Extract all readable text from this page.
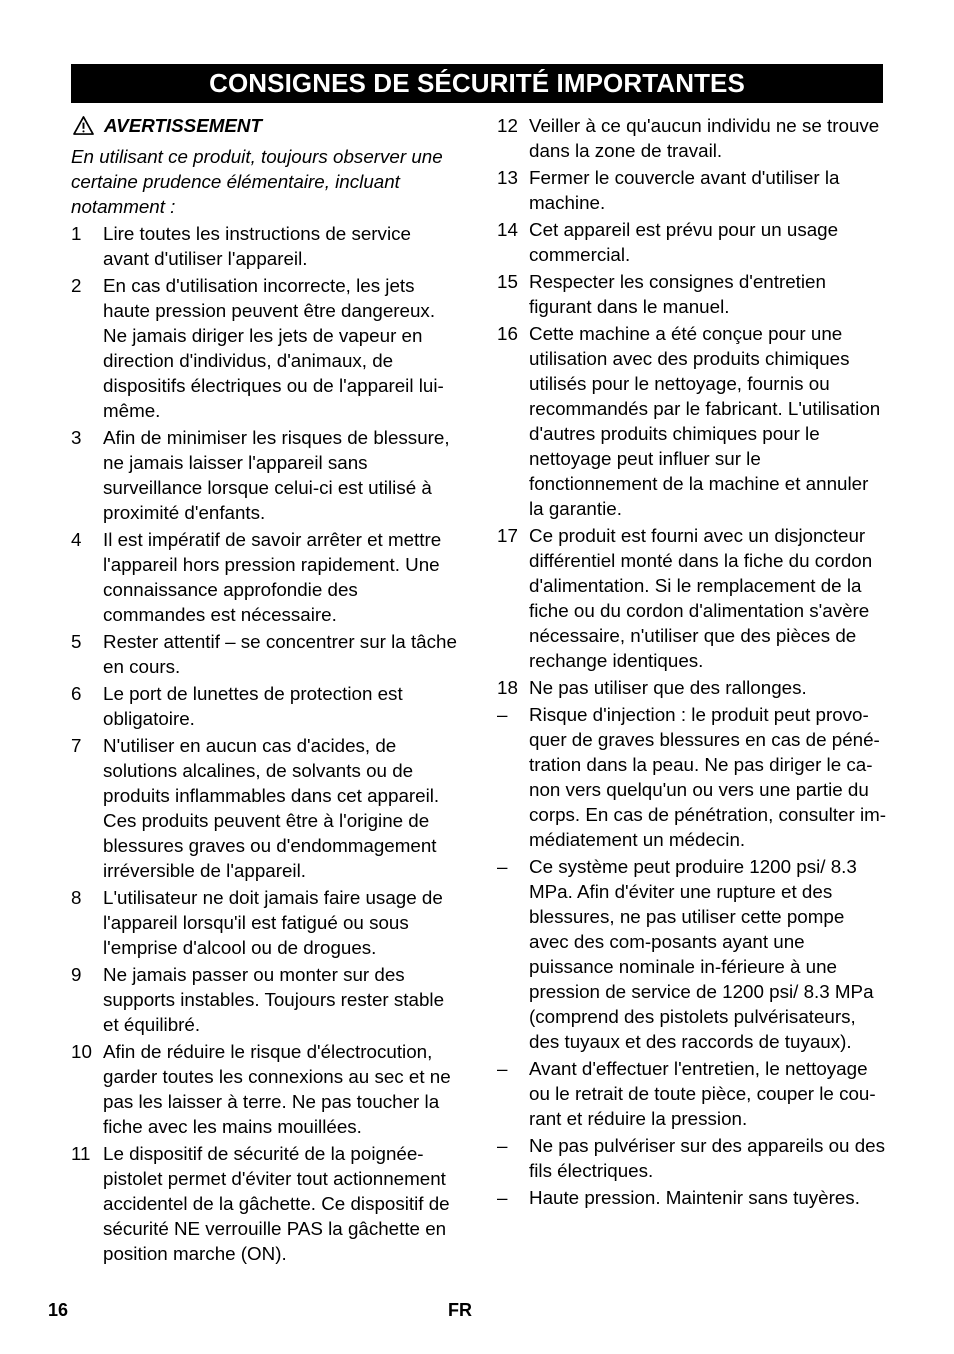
CONSIGNES DE SÉCURITÉ IMPORTANTES
AVERTISSEMENT

En utilisant ce produit, toujours observer une certaine prudence élémentaire, incluant notamment :

1	Lire toutes les instructions de service avant d'utiliser l'appareil.
2	En cas d'utilisation incorrecte, les jets haute pression peuvent être dangereux. Ne jamais diriger les jets de vapeur en direction d'individus, d'animaux, de dispositifs électriques ou de l'appareil lui-même.
3	Afin de minimiser les risques de blessure, ne jamais laisser l'appareil sans surveillance lorsque celui-ci est utilisé à proximité d'enfants.
4	Il est impératif de savoir arrêter et mettre l'appareil hors pression rapidement. Une connaissance approfondie des commandes est nécessaire.
5	Rester attentif – se concentrer sur la tâche en cours.
6	Le port de lunettes de protection est obligatoire.
7	N'utiliser en aucun cas d'acides, de solutions alcalines, de solvants ou de produits inflammables dans cet appareil. Ces produits peuvent être à l'origine de blessures graves ou d'endommagement irréversible de l'appareil.
8	L'utilisateur ne doit jamais faire usage de l'appareil lorsqu'il est fatigué ou sous l'emprise d'alcool ou de drogues.
9	Ne jamais passer ou monter sur des supports instables. Toujours rester stable et équilibré.
10 Afin de réduire le risque d'électrocution, garder toutes les connexions au sec et ne pas les laisser à terre. Ne pas toucher la fiche avec les mains mouillées.
11 Le dispositif de sécurité de la poignée-pistolet permet d'éviter tout actionnement accidentel de la gâchette. Ce dispositif de sécurité NE verrouille PAS la gâchette en position marche (ON).
12 Veiller à ce qu'aucun individu ne se trouve dans la zone de travail.
13 Fermer le couvercle avant d'utiliser la machine.
14 Cet appareil est prévu pour un usage commercial.
15 Respecter les consignes d'entretien figurant dans le manuel.
16 Cette machine a été conçue pour une utilisation avec des produits chimiques utilisés pour le nettoyage, fournis ou recommandés par le fabricant. L'utilisation d'autres produits chimiques pour le nettoyage peut influer sur le fonctionnement de la machine et annuler la garantie.
17 Ce produit est fourni avec un disjoncteur différentiel monté dans la fiche du cordon d'alimentation. Si le remplacement de la fiche ou du cordon d'alimentation s'avère nécessaire, n'utiliser que des pièces de rechange identiques.
18 Ne pas utiliser que des rallonges.
–	Risque d'injection : le produit peut provo-quer de graves blessures en cas de péné-tration dans la peau. Ne pas diriger le ca-non vers quelqu'un ou vers une partie du corps. En cas de pénétration, consulter im-médiatement un médecin.
–	Ce système peut produire 1200 psi/ 8.3 MPa. Afin d'éviter une rupture et des blessures, ne pas utiliser cette pompe avec des com-posants ayant une puissance nominale in-férieure à une pression de service de 1200 psi/ 8.3 MPa (comprend des pistolets pulvérisateurs, des tuyaux et des raccords de tuyaux).
–	Avant d'effectuer l'entretien, le nettoyage ou le retrait de toute pièce, couper le cou-rant et réduire la pression.
–	Ne pas pulvériser sur des appareils ou des fils électriques.
–	Haute pression. Maintenir sans tuyères.
16	FR
